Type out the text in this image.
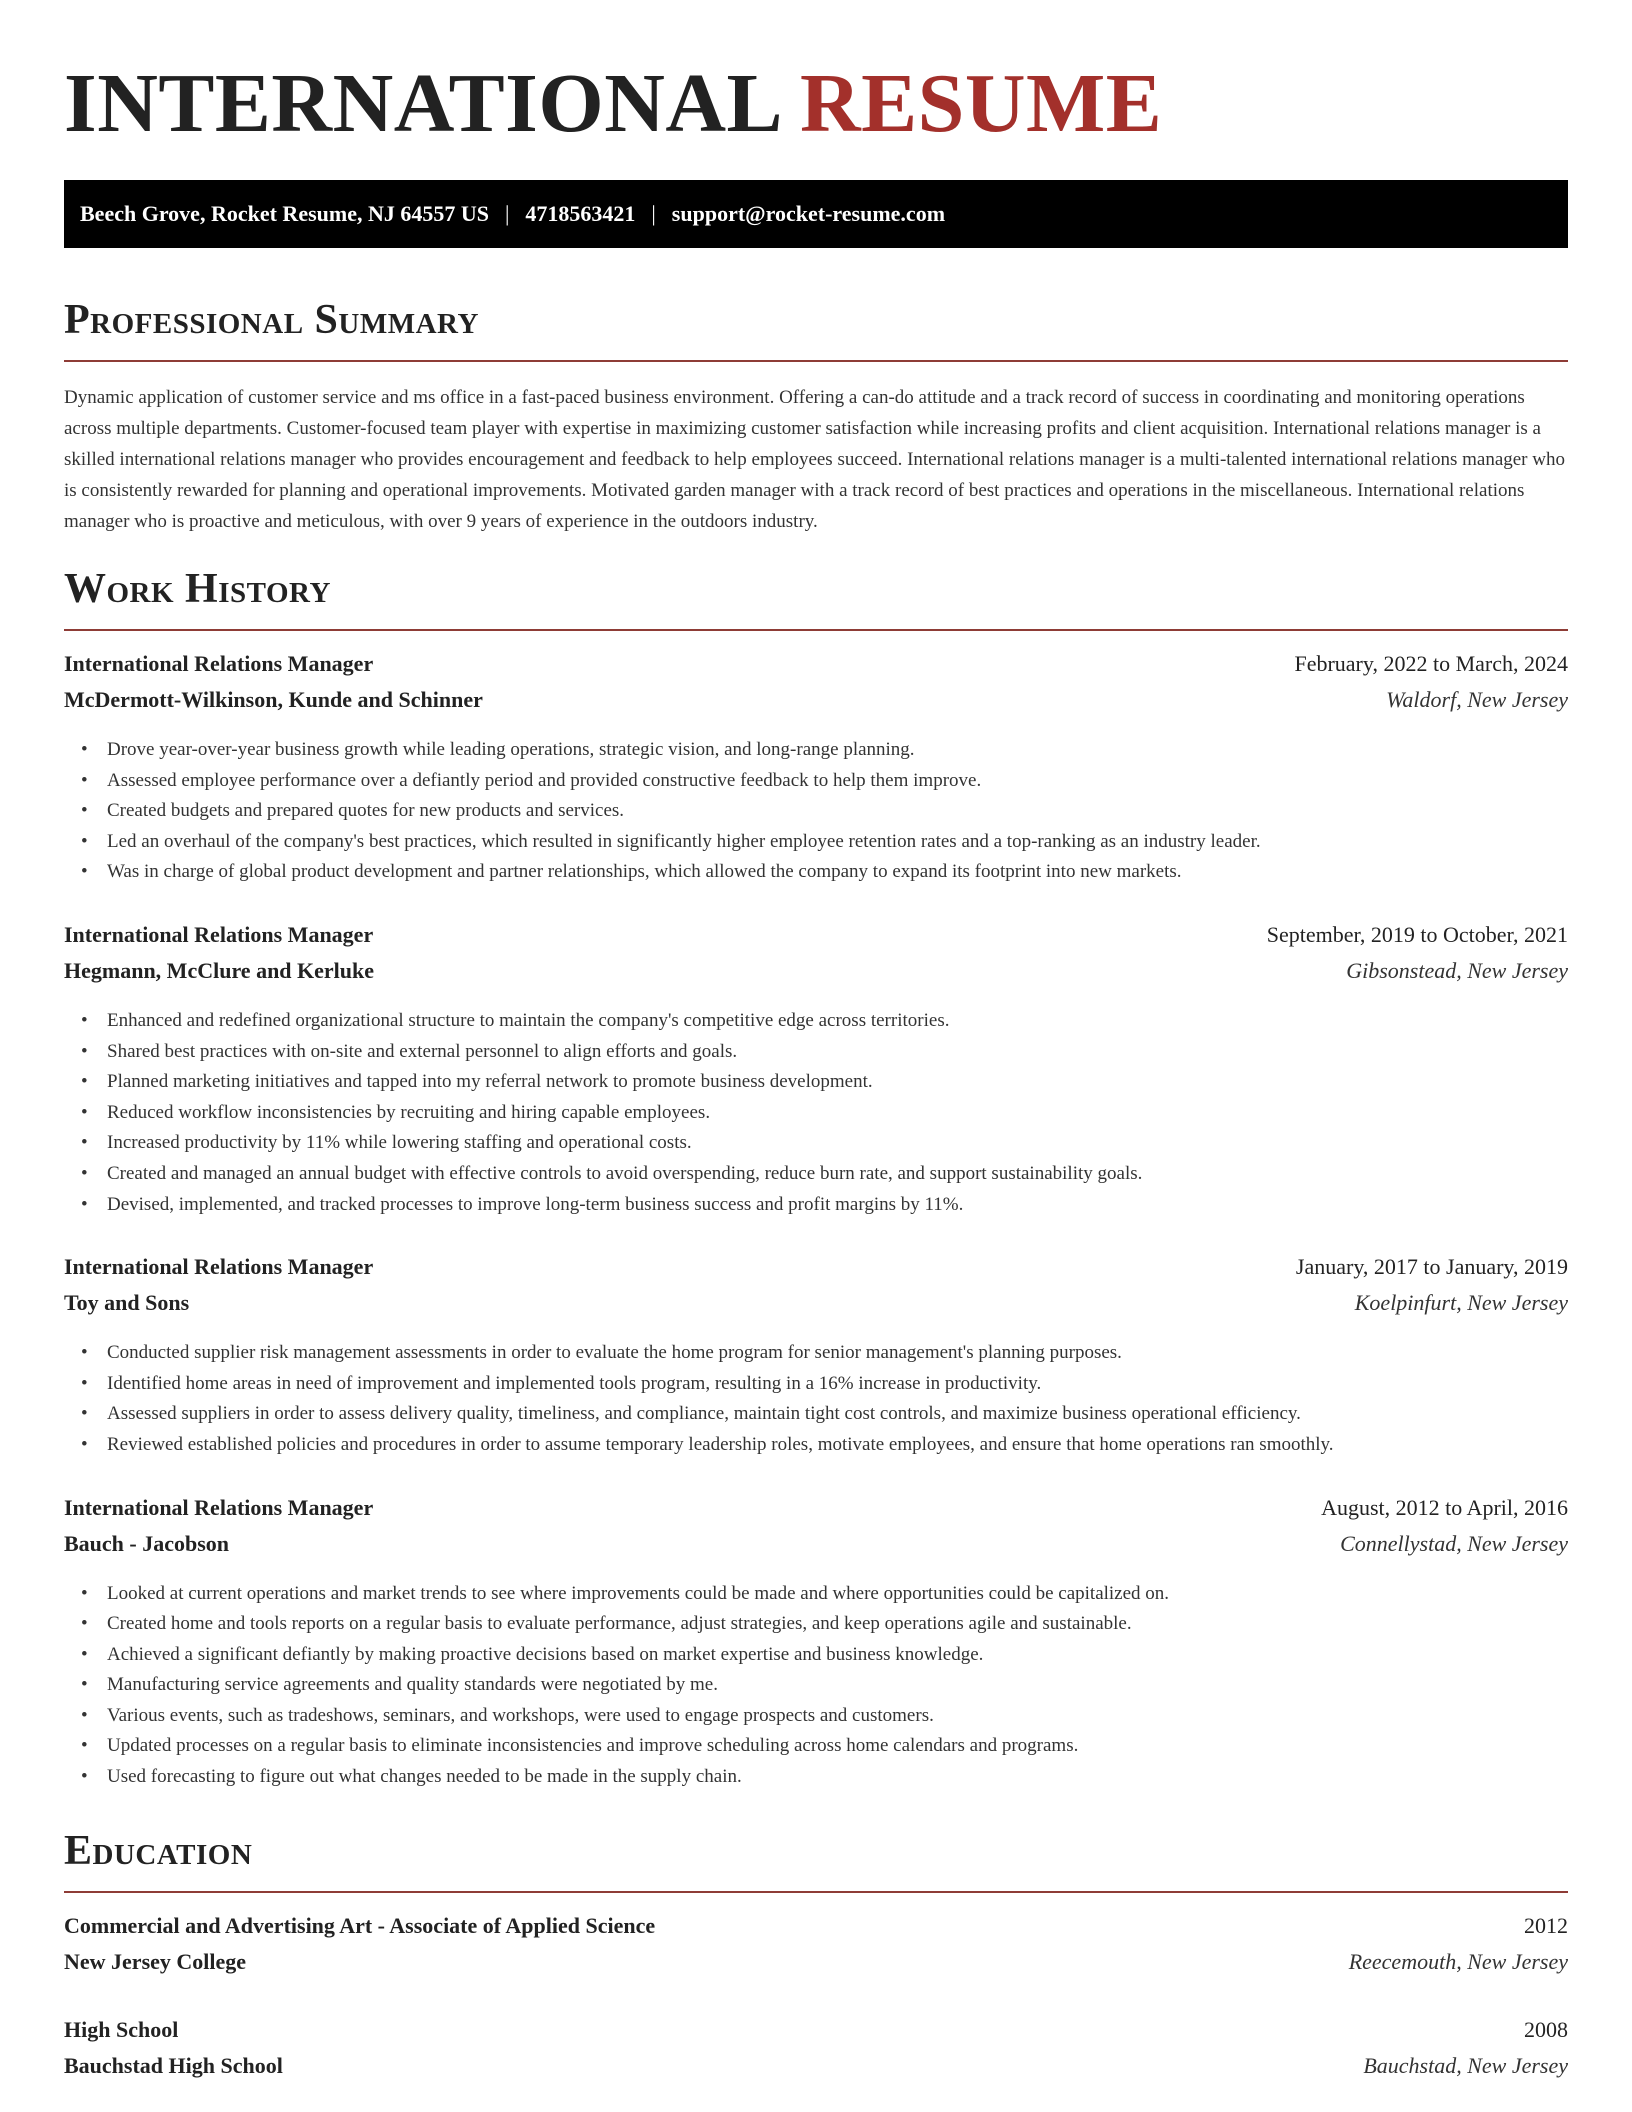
INTERNATIONAL RESUME
Beech Grove, Rocket Resume, NJ 64557 US | 4718563421 | support@rocket-resume.com
Professional Summary

Dynamic application of customer service and ms office in a fast-paced business environment. Offering a can-do attitude and a track record of success in coordinating and monitoring operations across multiple departments. Customer-focused team player with expertise in maximizing customer satisfaction while increasing profits and client acquisition. International relations manager is a skilled international relations manager who provides encouragement and feedback to help employees succeed. International relations manager is a multi-talented international relations manager who is consistently rewarded for planning and operational improvements. Motivated garden manager with a track record of best practices and operations in the miscellaneous. International relations manager who is proactive and meticulous, with over 9 years of experience in the outdoors industry.

Work History
International Relations Manager	February, 2022 to March, 2024
McDermott-Wilkinson, Kunde and Schinner	Waldorf, New Jersey
• Drove year-over-year business growth while leading operations, strategic vision, and long-range planning.
• Assessed employee performance over a defiantly period and provided constructive feedback to help them improve.
• Created budgets and prepared quotes for new products and services.
• Led an overhaul of the company's best practices, which resulted in significantly higher employee retention rates and a top-ranking as an industry leader.
• Was in charge of global product development and partner relationships, which allowed the company to expand its footprint into new markets.
International Relations Manager	September, 2019 to October, 2021
Hegmann, McClure and Kerluke	Gibsonstead, New Jersey
• Enhanced and redefined organizational structure to maintain the company's competitive edge across territories.
• Shared best practices with on-site and external personnel to align efforts and goals.
• Planned marketing initiatives and tapped into my referral network to promote business development.
• Reduced workflow inconsistencies by recruiting and hiring capable employees.
• Increased productivity by 11% while lowering staffing and operational costs.
• Created and managed an annual budget with effective controls to avoid overspending, reduce burn rate, and support sustainability goals.
• Devised, implemented, and tracked processes to improve long-term business success and profit margins by 11%.
International Relations Manager	January, 2017 to January, 2019
Toy and Sons	Koelpinfurt, New Jersey
• Conducted supplier risk management assessments in order to evaluate the home program for senior management's planning purposes.
• Identified home areas in need of improvement and implemented tools program, resulting in a 16% increase in productivity.
• Assessed suppliers in order to assess delivery quality, timeliness, and compliance, maintain tight cost controls, and maximize business operational efficiency.
• Reviewed established policies and procedures in order to assume temporary leadership roles, motivate employees, and ensure that home operations ran smoothly.
International Relations Manager	August, 2012 to April, 2016
Bauch - Jacobson	Connellystad, New Jersey
• Looked at current operations and market trends to see where improvements could be made and where opportunities could be capitalized on.
• Created home and tools reports on a regular basis to evaluate performance, adjust strategies, and keep operations agile and sustainable.
• Achieved a significant defiantly by making proactive decisions based on market expertise and business knowledge.
• Manufacturing service agreements and quality standards were negotiated by me.
• Various events, such as tradeshows, seminars, and workshops, were used to engage prospects and customers.
• Updated processes on a regular basis to eliminate inconsistencies and improve scheduling across home calendars and programs.
• Used forecasting to figure out what changes needed to be made in the supply chain.
Education
Commercial and Advertising Art - Associate of Applied Science	2012
New Jersey College	Reecemouth, New Jersey
High School	2008
Bauchstad High School	Bauchstad, New Jersey
